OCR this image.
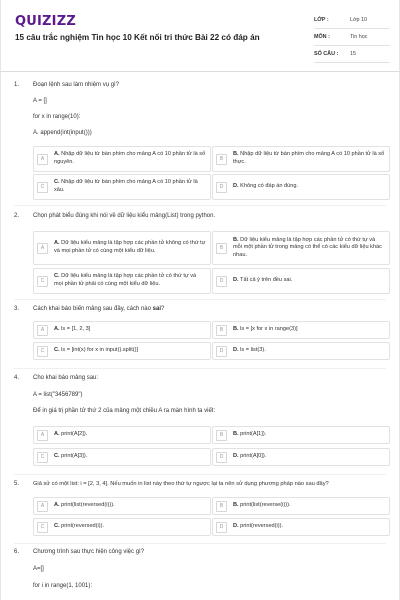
QUIZIZZ
15 câu trắc nghiệm Tin học 10 Kết nối tri thức Bài 22 có đáp án
LỚP :	Lớp 10
MÔN :	Tin học
SỐ CÂU :	15
1. Đoạn lệnh sau làm nhiệm vụ gì?
A = []
for x in range(10):
A. append(int(input()))
A
A. Nhập dữ liệu từ bàn phím cho mảng A có 10 phần tử là số nguyên.	B
B. Nhập dữ liệu từ bàn phím cho mảng A có 10 phần tử là số thực.
C
C. Nhập dữ liệu từ bàn phím cho mảng A có 10 phần tử là xâu.	D	D. Không có đáp án đúng.
2. Chọn phát biểu đúng khi nói về dữ liệu kiểu mảng(List) trong python.
A
A. Dữ liệu kiểu mảng là tập hợp các phần tử không có thứ tự và mọi phần tử có cùng một kiểu dữ liệu.	B
B. Dữ liệu kiểu mảng là tập hợp các phần tử có thứ tự và mỗi một phần tử trong mảng có thể có các kiểu dữ liệu khác nhau.
C
C. Dữ liệu kiểu mảng là tập hợp các phần tử có thứ tự và mọi phần tử phải có cùng một kiểu dữ liệu.	D	D. Tất cả ý trên đều sai.
3. Cách khai báo biến mảng sau đây, cách nào sai?
A	A. ls = [1, 2, 3]	B	B. ls = [x for x in range(3)]
C	C. ls = [int(x) for x in input().split()]	D	D. ls = list(3).
4. Cho khai báo mảng sau:
A = list("3456789")
Để in giá trị phần tử thứ 2 của mảng một chiều A ra màn hình ta viết:
A	A. print(A[2]).	B	B. print(A[1]).
C	C. print(A[3]).	D	D. print(A[0]).
5. Giả sử có một list: i = [2, 3, 4]. Nếu muốn in list này theo thứ tự ngược lại ta nên sử dụng phương pháp nào sau đây?
A	A. print(list(reversed(i))).	B	B. print(list(reverse(i))).
C	C. print(reversed(i)).	D	D. print(reversed(i)).
6. Chương trình sau thực hiện công việc gì?
A=[]
for i in range(1, 1001):
